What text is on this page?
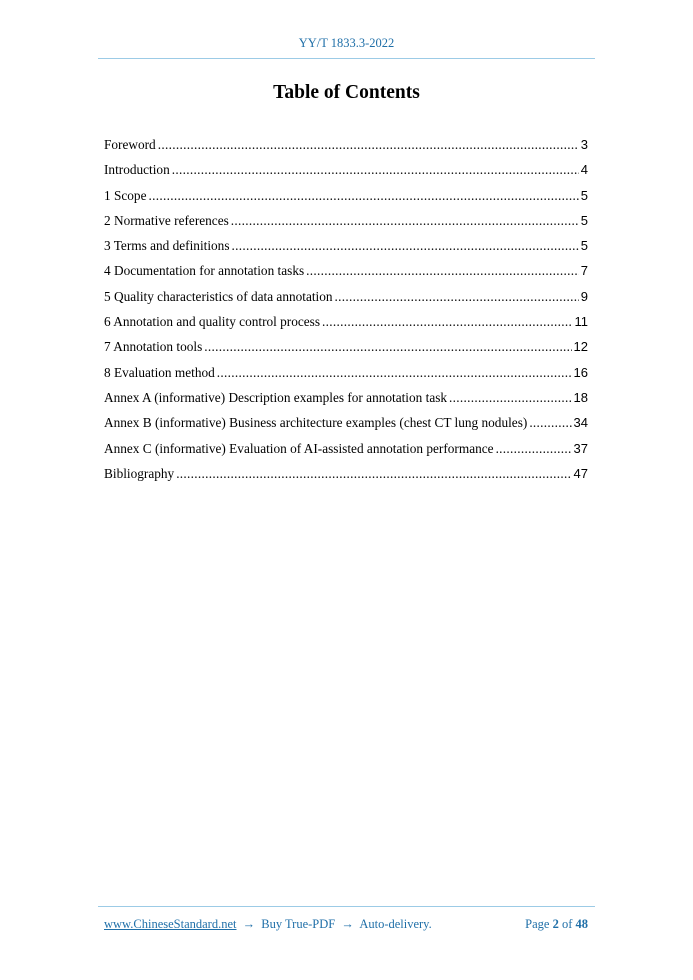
YY/T 1833.3-2022
Table of Contents
Foreword .....	3
Introduction .....	4
1 Scope .....	5
2 Normative references .....	5
3 Terms and definitions .....	5
4 Documentation for annotation tasks .....	7
5 Quality characteristics of data annotation .....	9
6 Annotation and quality control process .....	11
7 Annotation tools .....	12
8 Evaluation method .....	16
Annex A (informative) Description examples for annotation task .....	18
Annex B (informative) Business architecture examples (chest CT lung nodules) .....	34
Annex C (informative) Evaluation of AI-assisted annotation performance .....	37
Bibliography .....	47
www.ChineseStandard.net → Buy True-PDF → Auto-delivery.	Page 2 of 48
